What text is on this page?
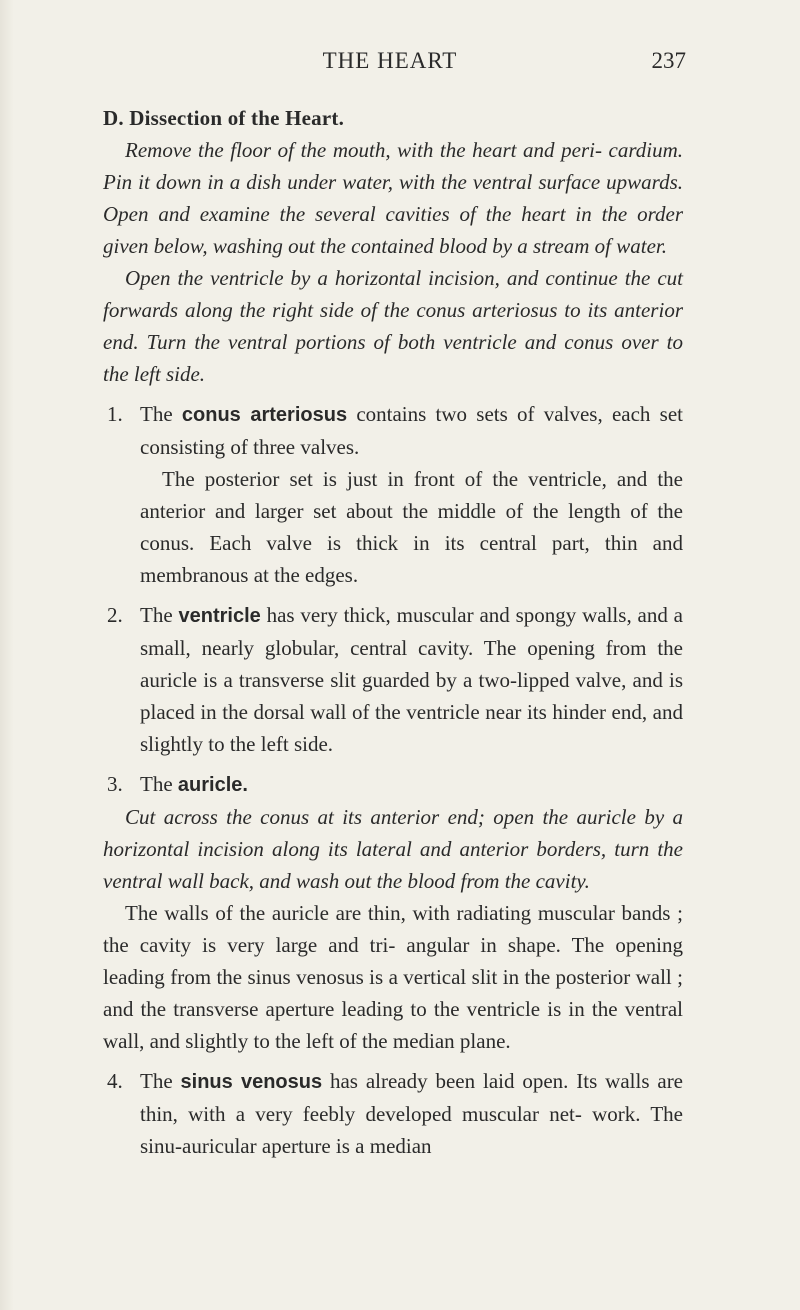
THE HEART	237

D. Dissection of the Heart.

Remove the floor of the mouth, with the heart and peri- cardium. Pin it down in a dish under water, with the ventral surface upwards. Open and examine the several cavities of the heart in the order given below, washing out the contained blood by a stream of water.

Open the ventricle by a horizontal incision, and continue the cut forwards along the right side of the conus arteriosus to its anterior end. Turn the ventral portions of both ventricle and conus over to the left side.

1. The conus arteriosus contains two sets of valves, each set consisting of three valves.

The posterior set is just in front of the ventricle, and the anterior and larger set about the middle of the length of the conus. Each valve is thick in its central part, thin and membranous at the edges.

2. The ventricle has very thick, muscular and spongy walls, and a small, nearly globular, central cavity. The opening from the auricle is a transverse slit guarded by a two-lipped valve, and is placed in the dorsal wall of the ventricle near its hinder end, and slightly to the left side.
3. The auricle.

Cut across the conus at its anterior end; open the auricle by a horizontal incision along its lateral and anterior borders, turn the ventral wall back, and wash out the blood from the cavity.

The walls of the auricle are thin, with radiating muscular bands ; the cavity is very large and tri- angular in shape. The opening leading from the sinus venosus is a vertical slit in the posterior wall ; and the transverse aperture leading to the ventricle is in the ventral wall, and slightly to the left of the median plane.

4. The sinus venosus has already been laid open. Its walls are thin, with a very feebly developed muscular net- work. The sinu-auricular aperture is a median
